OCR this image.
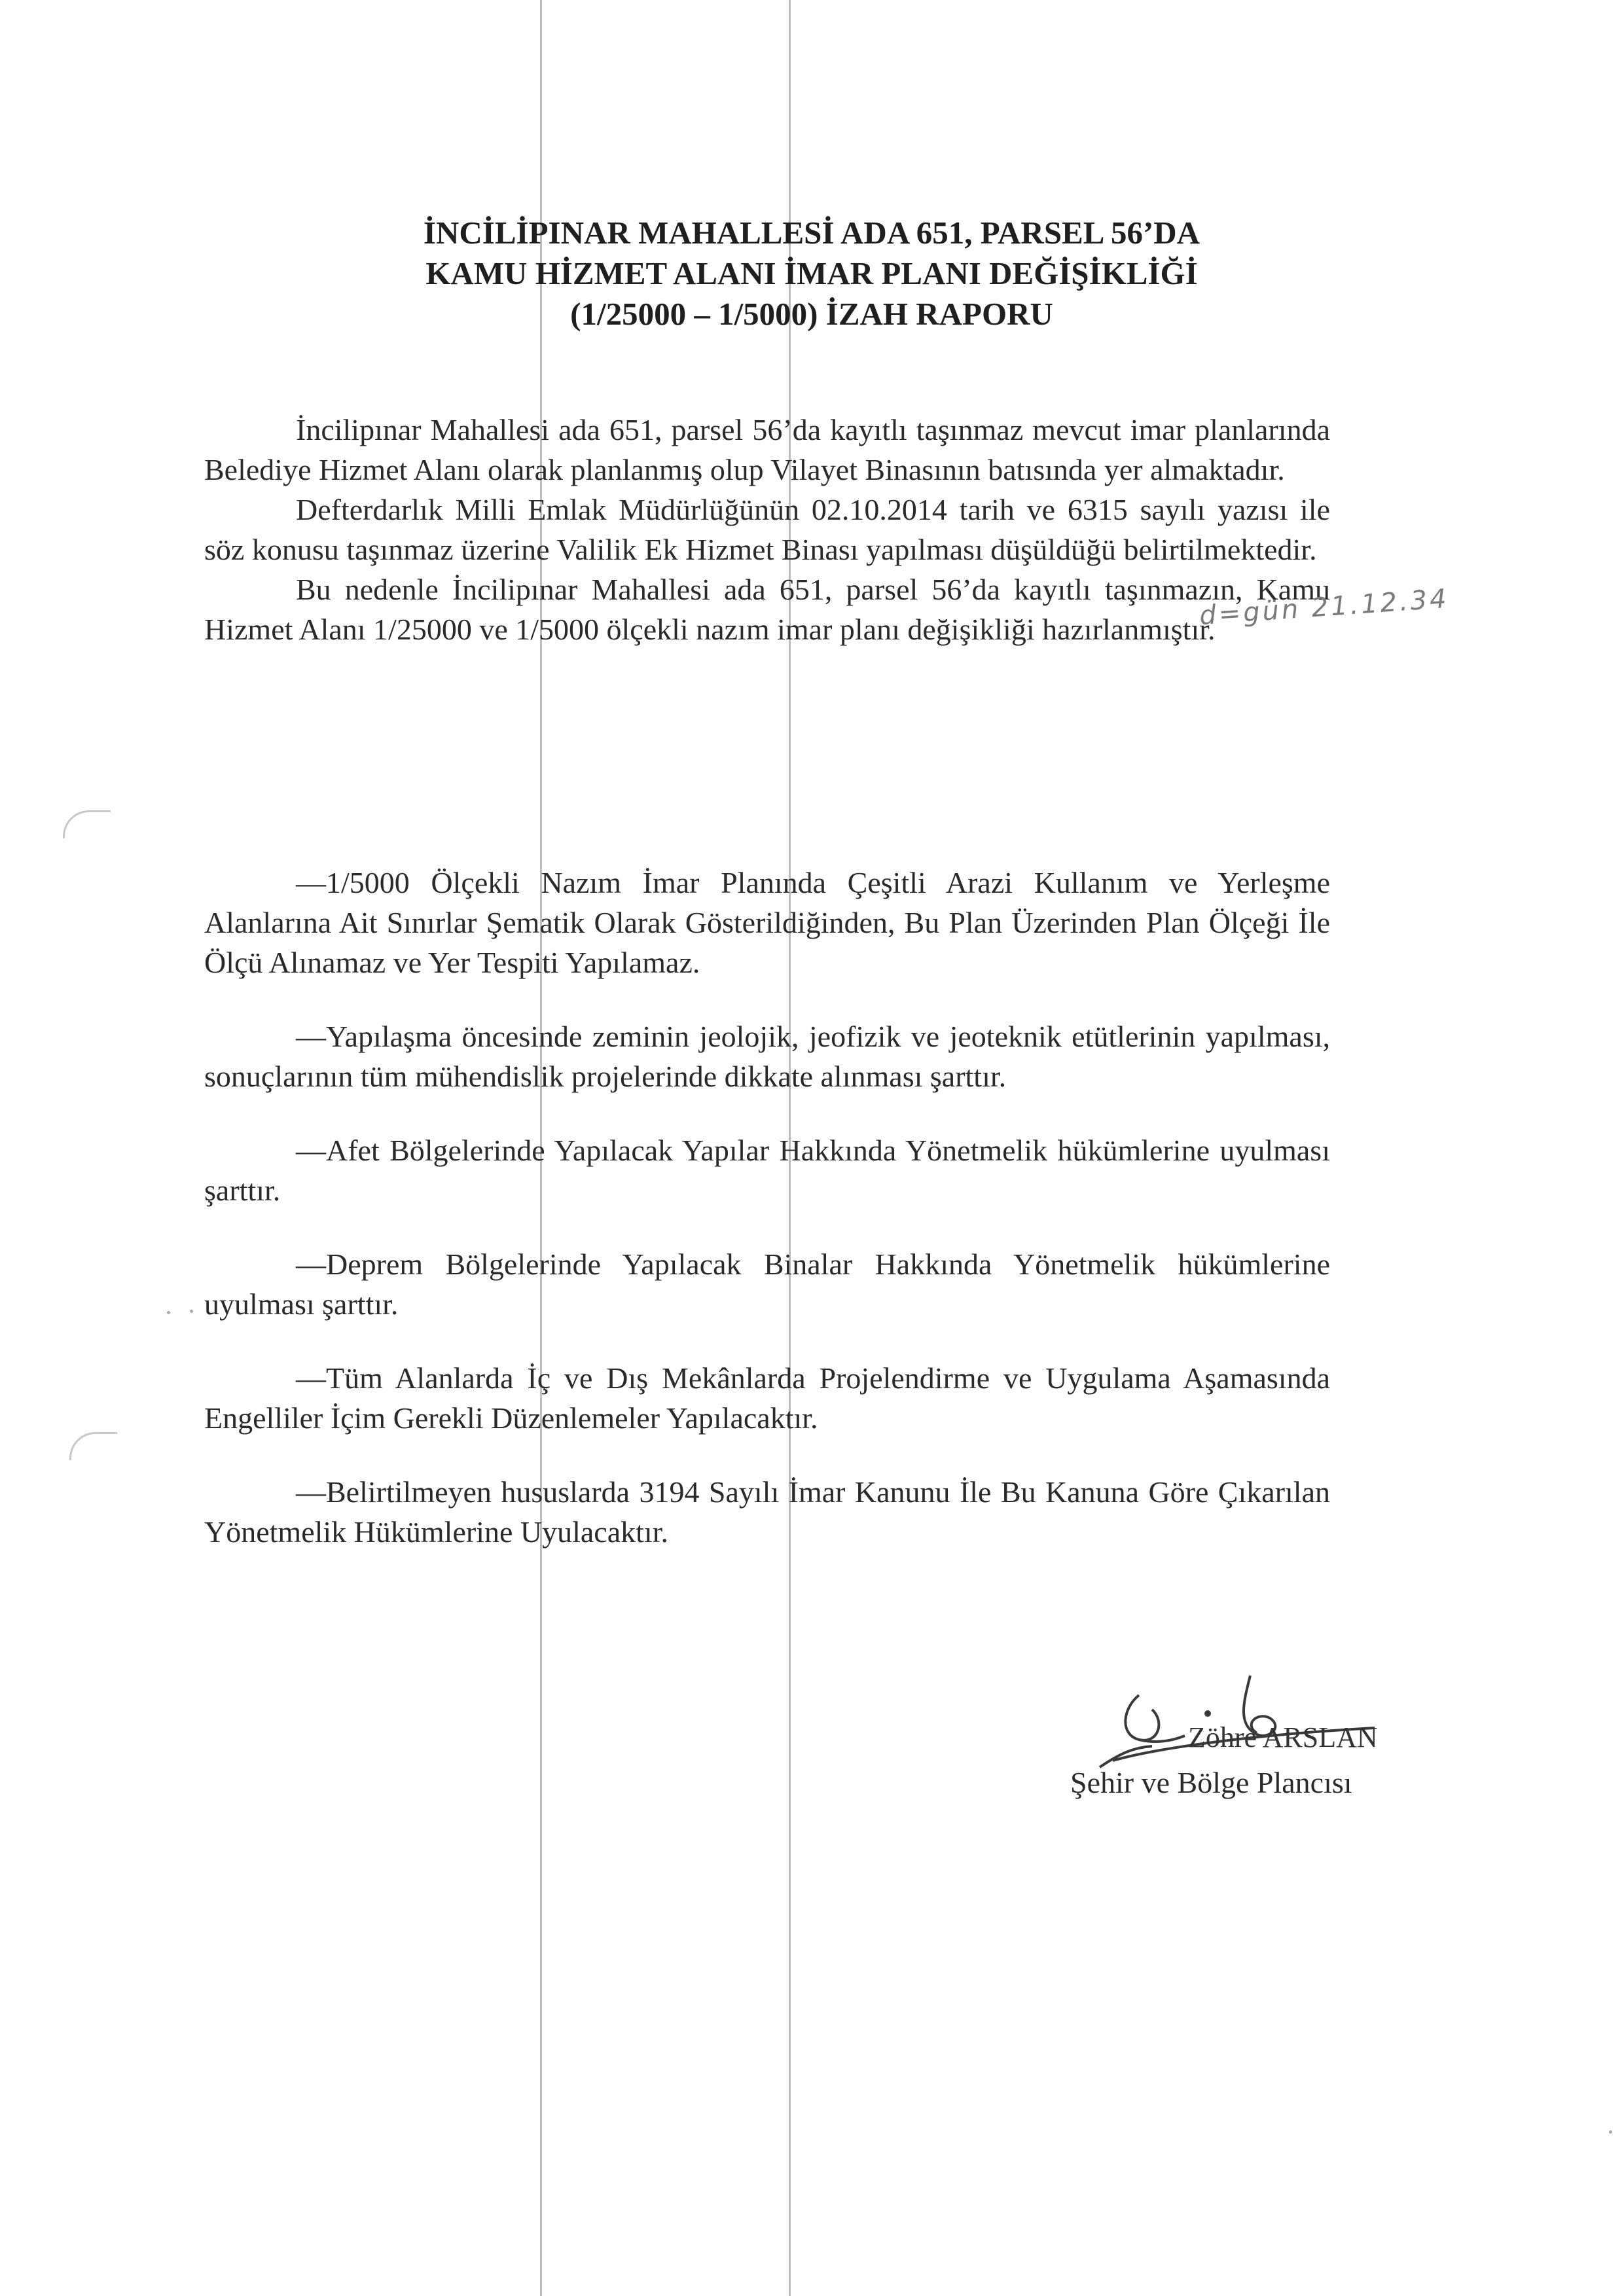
İNCİLİPINAR MAHALLESİ ADA 651, PARSEL 56’DA
KAMU HİZMET ALANI İMAR PLANI DEĞİŞİKLİĞİ
(1/25000 – 1/5000) İZAH RAPORU

İncilipınar Mahallesi ada 651, parsel 56’da kayıtlı taşınmaz mevcut imar planlarında Belediye Hizmet Alanı olarak planlanmış olup Vilayet Binasının batısında yer almaktadır.

Defterdarlık Milli Emlak Müdürlüğünün 02.10.2014 tarih ve 6315 sayılı yazısı ile söz konusu taşınmaz üzerine Valilik Ek Hizmet Binası yapılması düşüldüğü belirtilmektedir.

Bu nedenle İncilipınar Mahallesi ada 651, parsel 56’da kayıtlı taşınmazın, Kamu Hizmet Alanı 1/25000 ve 1/5000 ölçekli nazım imar planı değişikliği hazırlanmıştır.

d=gün 21.12.34

—1/5000 Ölçekli Nazım İmar Planında Çeşitli Arazi Kullanım ve Yerleşme Alanlarına Ait Sınırlar Şematik Olarak Gösterildiğinden, Bu Plan Üzerinden Plan Ölçeği İle Ölçü Alınamaz ve Yer Tespiti Yapılamaz.

—Yapılaşma öncesinde zeminin jeolojik, jeofizik ve jeoteknik etütlerinin yapılması, sonuçlarının tüm mühendislik projelerinde dikkate alınması şarttır.

—Afet Bölgelerinde Yapılacak Yapılar Hakkında Yönetmelik hükümlerine uyulması şarttır.

—Deprem Bölgelerinde Yapılacak Binalar Hakkında Yönetmelik hükümlerine uyulması şarttır.

—Tüm Alanlarda İç ve Dış Mekânlarda Projelendirme ve Uygulama Aşamasında Engelliler İçim Gerekli Düzenlemeler Yapılacaktır.

—Belirtilmeyen hususlarda 3194 Sayılı İmar Kanunu İle Bu Kanuna Göre Çıkarılan Yönetmelik Hükümlerine Uyulacaktır.

Zöhre ARSLAN
Şehir ve Bölge Plancısı
